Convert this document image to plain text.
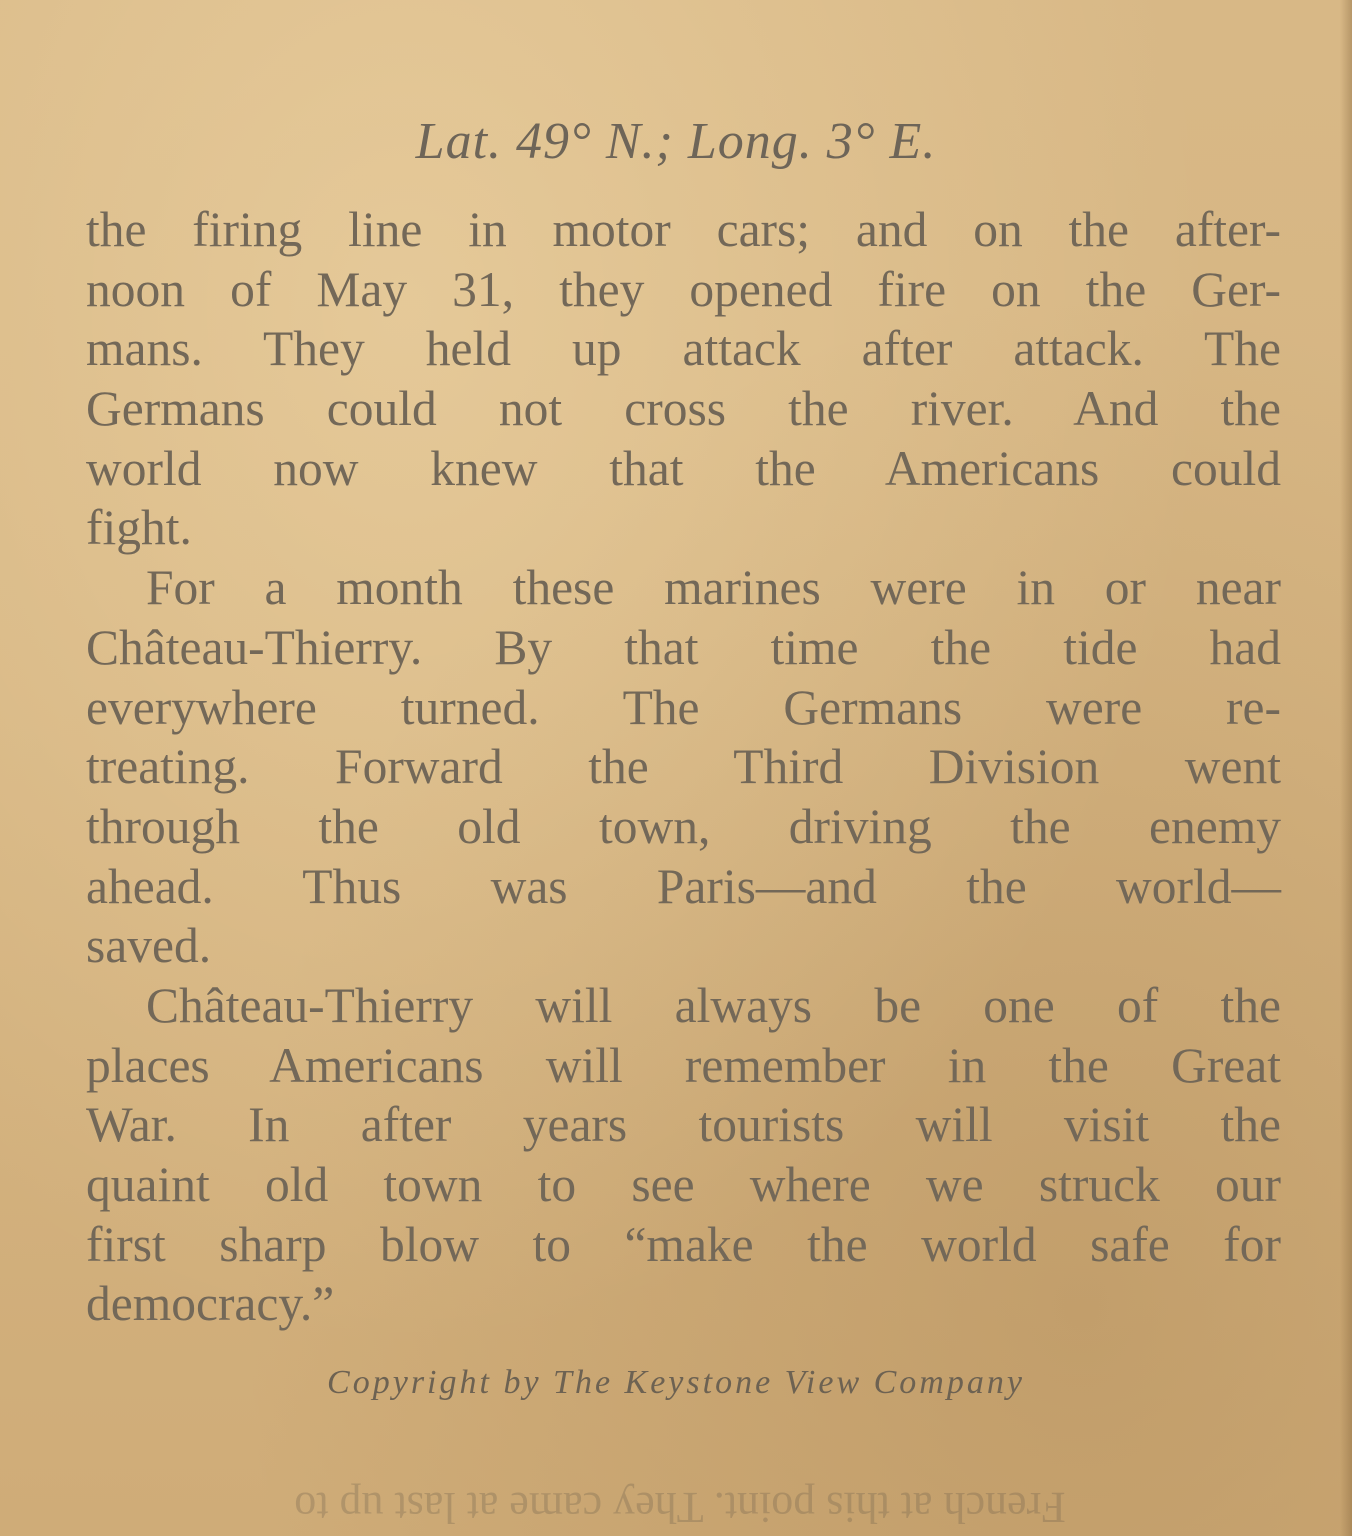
Lat. 49° N.; Long. 3° E.
the firing line in motor cars; and on the after-
noon of May 31, they opened fire on the Ger-
mans. They held up attack after attack. The
Germans could not cross the river. And the
world now knew that the Americans could
fight.
For a month these marines were in or near
Château-Thierry. By that time the tide had
everywhere turned. The Germans were re-
treating. Forward the Third Division went
through the old town, driving the enemy
ahead. Thus was Paris—and the world—
saved.
Château-Thierry will always be one of the
places Americans will remember in the Great
War. In after years tourists will visit the
quaint old town to see where we struck our
first sharp blow to “make the world safe for
democracy.”
Copyright by The Keystone View Company
French at this point. They came at last up to
